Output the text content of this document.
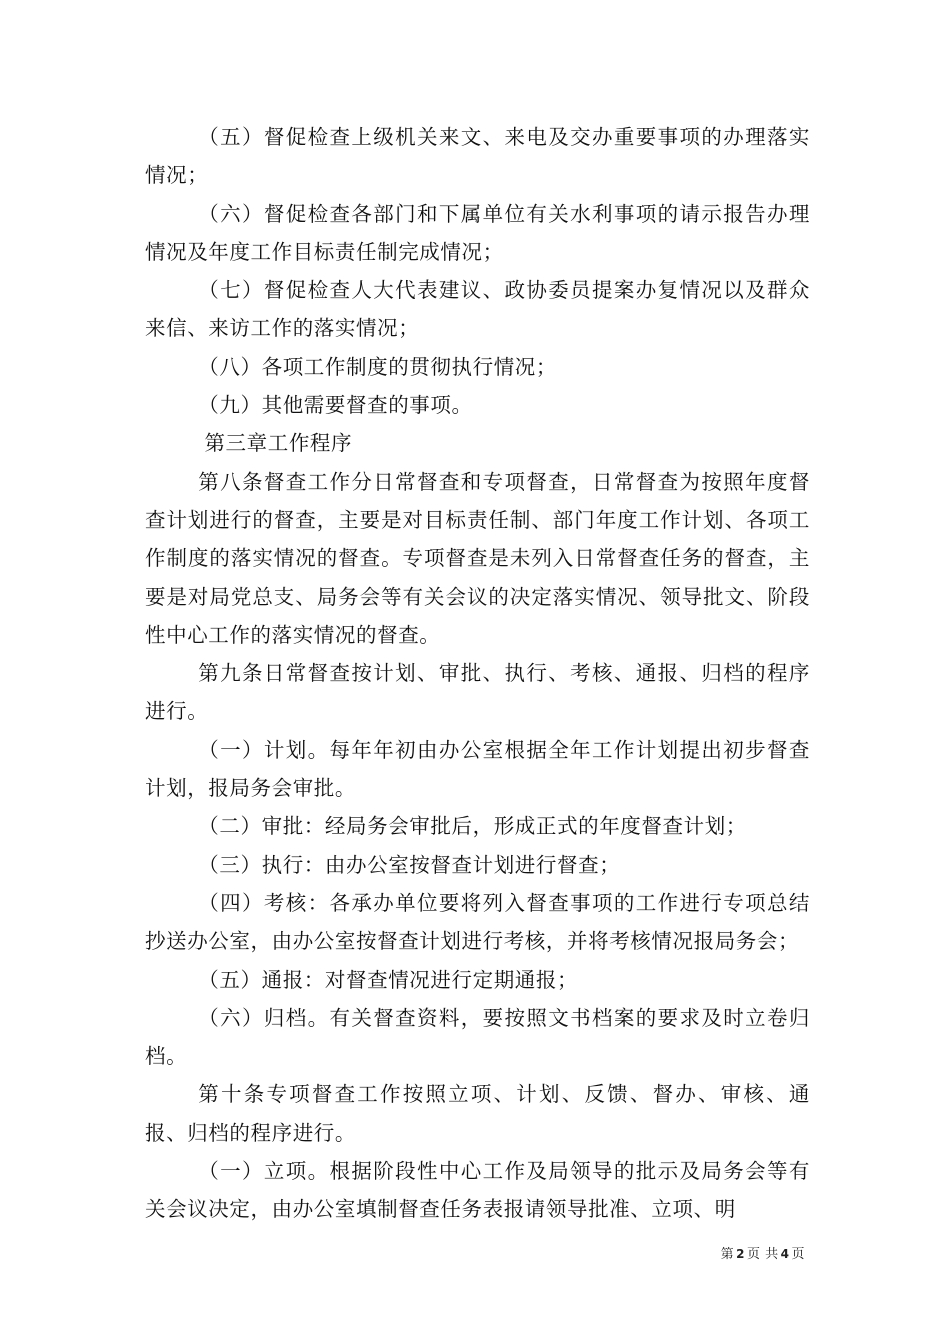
（五）督促检查上级机关来文、来电及交办重要事项的办理落实情况；

（六）督促检查各部门和下属单位有关水利事项的请示报告办理情况及年度工作目标责任制完成情况；

（七）督促检查人大代表建议、政协委员提案办复情况以及群众来信、来访工作的落实情况；

（八）各项工作制度的贯彻执行情况；

（九）其他需要督查的事项。

第三章工作程序

第八条督查工作分日常督查和专项督查，日常督查为按照年度督查计划进行的督查，主要是对目标责任制、部门年度工作计划、各项工作制度的落实情况的督查。专项督查是未列入日常督查任务的督查，主要是对局党总支、局务会等有关会议的决定落实情况、领导批文、阶段性中心工作的落实情况的督查。

第九条日常督查按计划、审批、执行、考核、通报、归档的程序进行。

（一）计划。每年年初由办公室根据全年工作计划提出初步督查计划，报局务会审批。

（二）审批：经局务会审批后，形成正式的年度督查计划；

（三）执行：由办公室按督查计划进行督查；

（四）考核：各承办单位要将列入督查事项的工作进行专项总结抄送办公室，由办公室按督查计划进行考核，并将考核情况报局务会；

（五）通报：对督查情况进行定期通报；

（六）归档。有关督查资料，要按照文书档案的要求及时立卷归档。

第十条专项督查工作按照立项、计划、反馈、督办、审核、通报、归档的程序进行。

（一）立项。根据阶段性中心工作及局领导的批示及局务会等有关会议决定，由办公室填制督查任务表报请领导批准、立项、明

第 2 页 共 4 页
